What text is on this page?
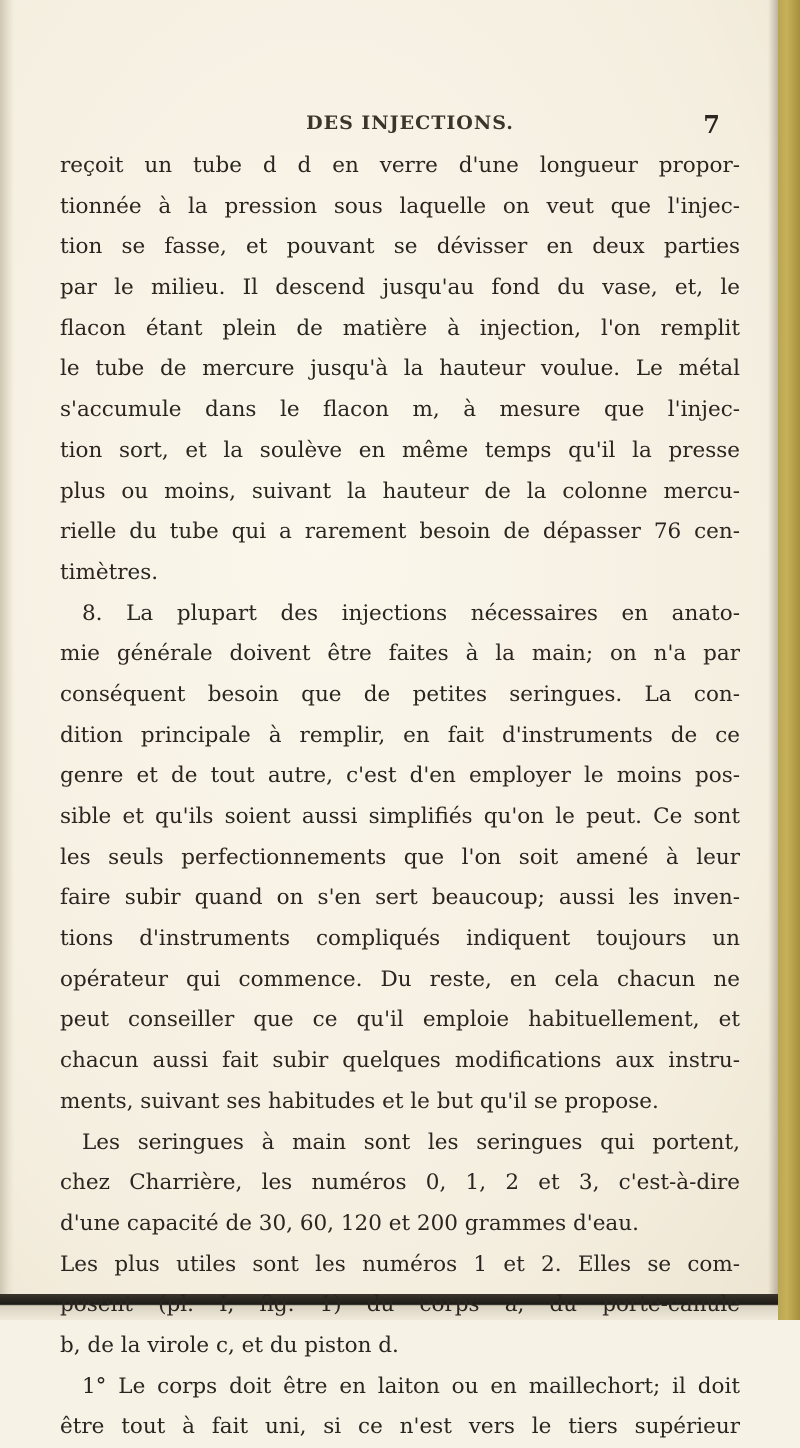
DES INJECTIONS.	7
reçoit un tube d d en verre d'une longueur propor-
tionnée à la pression sous laquelle on veut que l'injec-
tion se fasse, et pouvant se dévisser en deux parties
par le milieu. Il descend jusqu'au fond du vase, et, le
flacon étant plein de matière à injection, l'on remplit
le tube de mercure jusqu'à la hauteur voulue. Le métal
s'accumule dans le flacon m, à mesure que l'injec-
tion sort, et la soulève en même temps qu'il la presse
plus ou moins, suivant la hauteur de la colonne mercu-
rielle du tube qui a rarement besoin de dépasser 76 cen-
timètres.
8. La plupart des injections nécessaires en anato-
mie générale doivent être faites à la main; on n'a par
conséquent besoin que de petites seringues. La con-
dition principale à remplir, en fait d'instruments de ce
genre et de tout autre, c'est d'en employer le moins pos-
sible et qu'ils soient aussi simplifiés qu'on le peut. Ce sont
les seuls perfectionnements que l'on soit amené à leur
faire subir quand on s'en sert beaucoup; aussi les inven-
tions d'instruments compliqués indiquent toujours un
opérateur qui commence. Du reste, en cela chacun ne
peut conseiller que ce qu'il emploie habituellement, et
chacun aussi fait subir quelques modifications aux instru-
ments, suivant ses habitudes et le but qu'il se propose.
Les seringues à main sont les seringues qui portent,
chez Charrière, les numéros 0, 1, 2 et 3, c'est-à-dire
d'une capacité de 30, 60, 120 et 200 grammes d'eau.
Les plus utiles sont les numéros 1 et 2. Elles se com-
posent (pl. I, fig. 1) du corps a, du porte-canule
b, de la virole c, et du piston d.
1° Le corps doit être en laiton ou en maillechort; il doit
être tout à fait uni, si ce n'est vers le tiers supérieur
